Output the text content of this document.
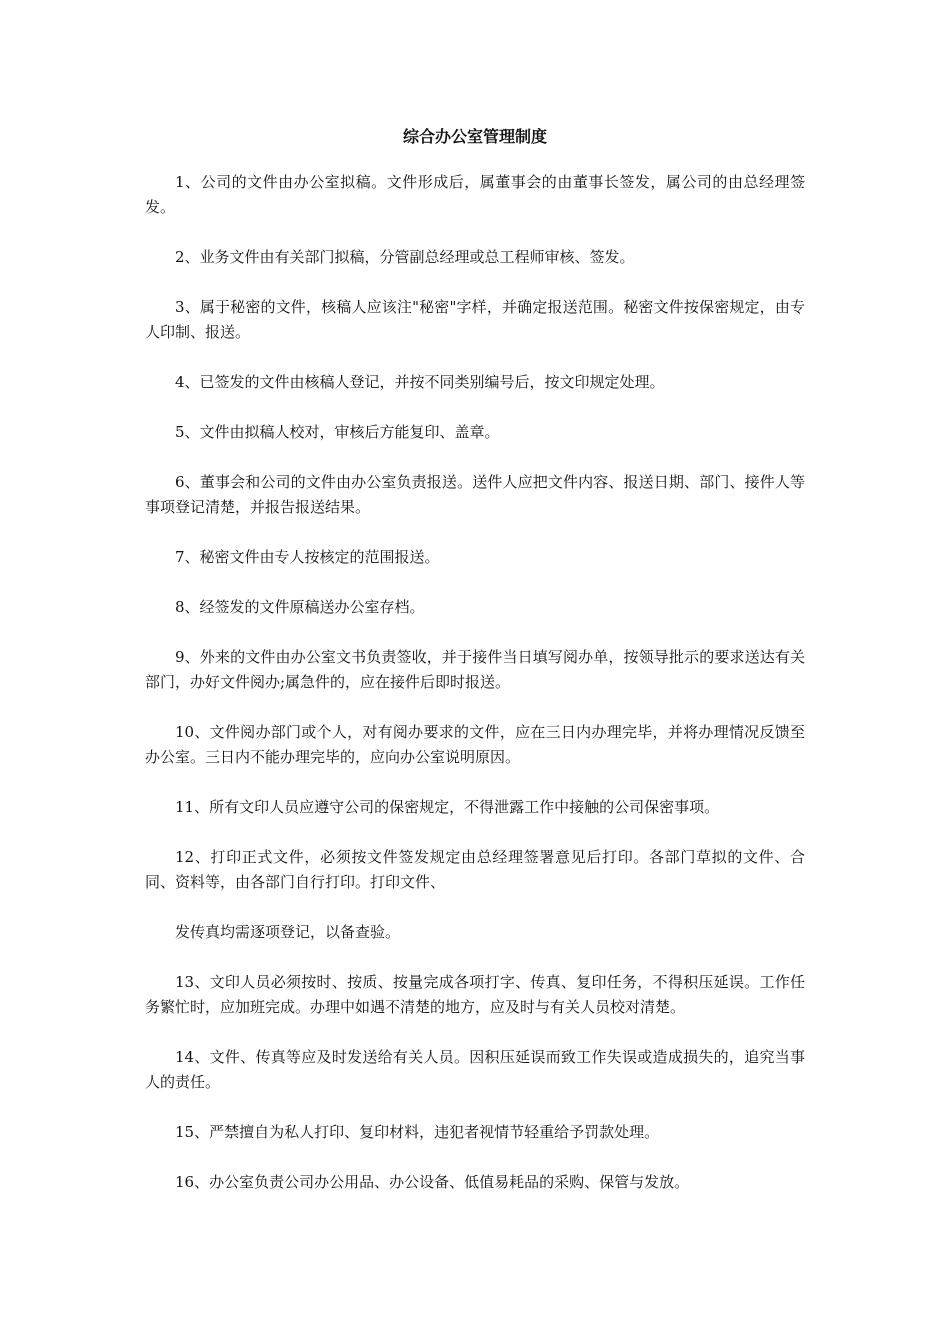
综合办公室管理制度

1、公司的文件由办公室拟稿。文件形成后，属董事会的由董事长签发，属公司的由总经理签发。

2、业务文件由有关部门拟稿，分管副总经理或总工程师审核、签发。

3、属于秘密的文件，核稿人应该注"秘密"字样，并确定报送范围。秘密文件按保密规定，由专人印制、报送。

4、已签发的文件由核稿人登记，并按不同类别编号后，按文印规定处理。

5、文件由拟稿人校对，审核后方能复印、盖章。

6、董事会和公司的文件由办公室负责报送。送件人应把文件内容、报送日期、部门、接件人等事项登记清楚，并报告报送结果。

7、秘密文件由专人按核定的范围报送。

8、经签发的文件原稿送办公室存档。

9、外来的文件由办公室文书负责签收，并于接件当日填写阅办单，按领导批示的要求送达有关部门，办好文件阅办;属急件的，应在接件后即时报送。

10、文件阅办部门或个人，对有阅办要求的文件，应在三日内办理完毕，并将办理情况反馈至办公室。三日内不能办理完毕的，应向办公室说明原因。

11、所有文印人员应遵守公司的保密规定，不得泄露工作中接触的公司保密事项。

12、打印正式文件，必须按文件签发规定由总经理签署意见后打印。各部门草拟的文件、合同、资料等，由各部门自行打印。打印文件、

发传真均需逐项登记，以备查验。

13、文印人员必须按时、按质、按量完成各项打字、传真、复印任务，不得积压延误。工作任务繁忙时，应加班完成。办理中如遇不清楚的地方，应及时与有关人员校对清楚。

14、文件、传真等应及时发送给有关人员。因积压延误而致工作失误或造成损失的，追究当事人的责任。

15、严禁擅自为私人打印、复印材料，违犯者视情节轻重给予罚款处理。

16、办公室负责公司办公用品、办公设备、低值易耗品的采购、保管与发放。
